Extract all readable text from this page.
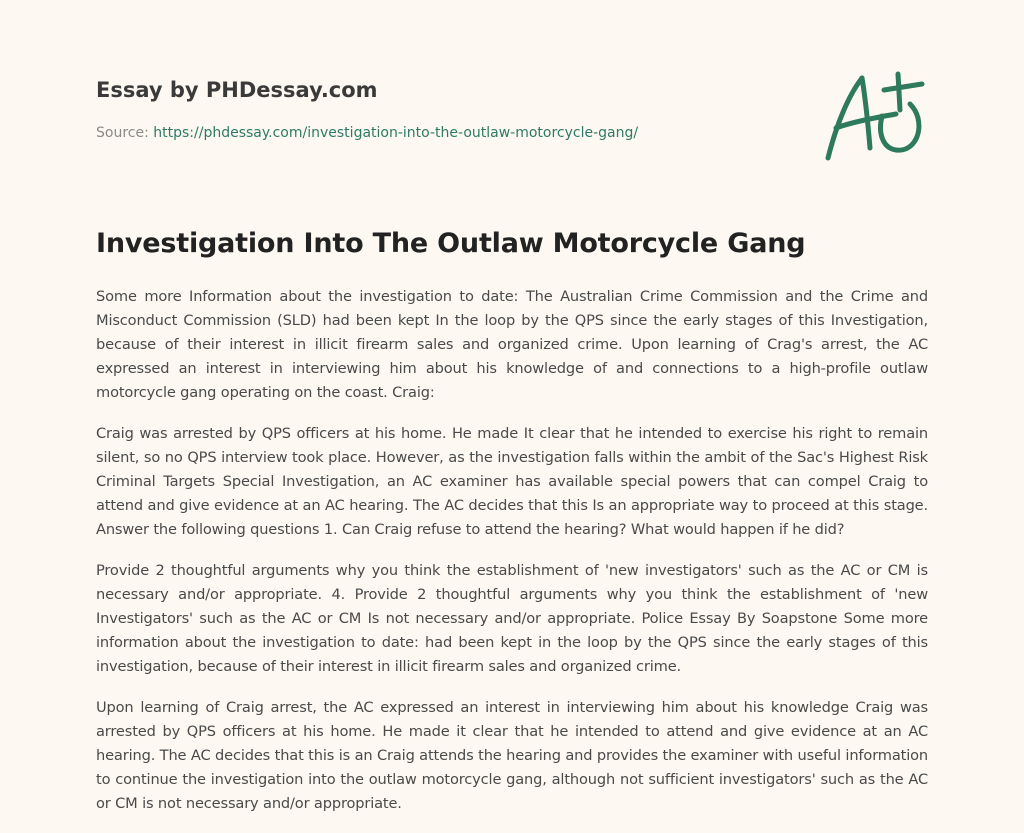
Essay by PHDessay.com
Source: https://phdessay.com/investigation-into-the-outlaw-motorcycle-gang/
Investigation Into The Outlaw Motorcycle Gang

Some more Information about the investigation to date: The Australian Crime Commission and the Crime and Misconduct Commission (SLD) had been kept In the loop by the QPS since the early stages of this Investigation, because of their interest in illicit firearm sales and organized crime. Upon learning of Crag's arrest, the AC expressed an interest in interviewing him about his knowledge of and connections to a high-profile outlaw motorcycle gang operating on the coast. Craig:

Craig was arrested by QPS officers at his home. He made It clear that he intended to exercise his right to remain silent, so no QPS interview took place. However, as the investigation falls within the ambit of the Sac's Highest Risk Criminal Targets Special Investigation, an AC examiner has available special powers that can compel Craig to attend and give evidence at an AC hearing. The AC decides that this Is an appropriate way to proceed at this stage. Answer the following questions 1. Can Craig refuse to attend the hearing? What would happen if he did?

Provide 2 thoughtful arguments why you think the establishment of 'new investigators' such as the AC or CM is necessary and/or appropriate. 4. Provide 2 thoughtful arguments why you think the establishment of 'new Investigators' such as the AC or CM Is not necessary and/or appropriate. Police Essay By Soapstone Some more information about the investigation to date: had been kept in the loop by the QPS since the early stages of this investigation, because of their interest in illicit firearm sales and organized crime.

Upon learning of Craig arrest, the AC expressed an interest in interviewing him about his knowledge Craig was arrested by QPS officers at his home. He made it clear that he intended to attend and give evidence at an AC hearing. The AC decides that this is an Craig attends the hearing and provides the examiner with useful information to continue the investigation into the outlaw motorcycle gang, although not sufficient investigators' such as the AC or CM is not necessary and/or appropriate.
